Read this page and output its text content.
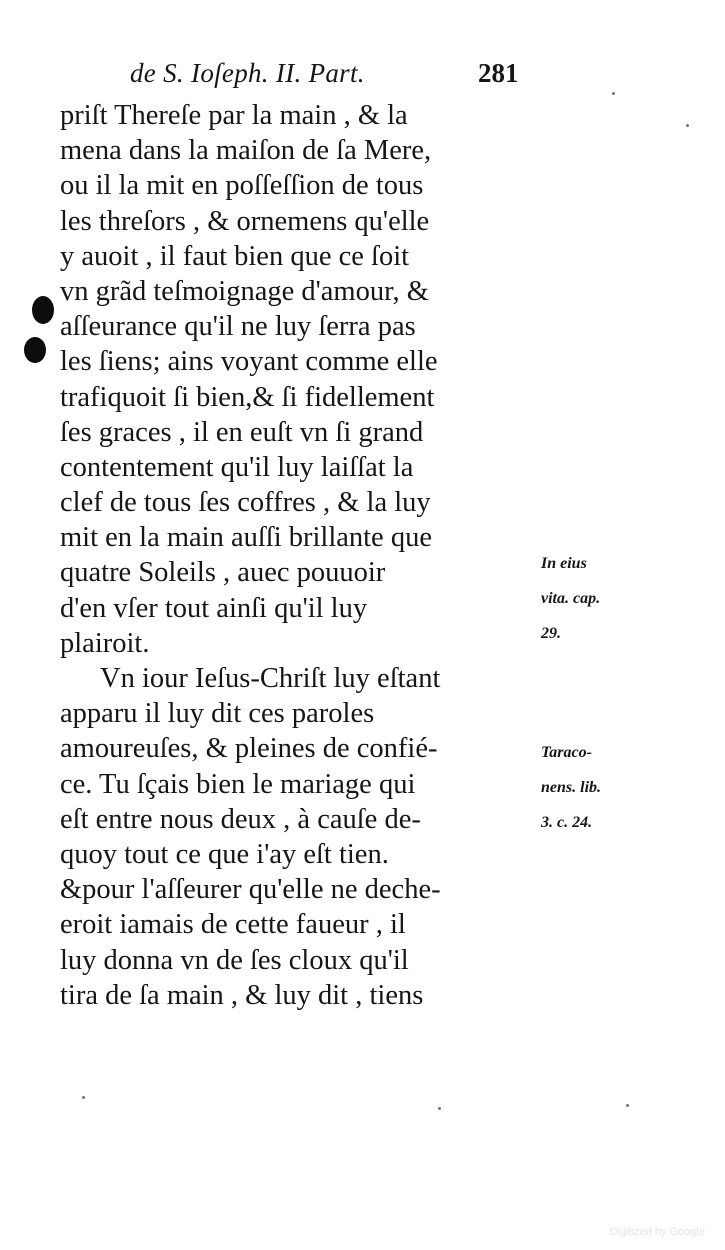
de S. Ioſeph. II. Part.	281
priſt Thereſe par la main , & la
mena dans la maiſon de ſa Mere,
ou il la mit en poſſeſſion de tous
les threſors , & ornemens qu'elle
y auoit , il faut bien que ce ſoit
vn grãd teſmoignage d'amour, &
aſſeurance qu'il ne luy ſerra pas
les ſiens; ains voyant comme elle
trafiquoit ſi bien,& ſi fidellement
ſes graces , il en euſt vn ſi grand
contentement qu'il luy laiſſat la
clef de tous ſes coffres , & la luy
mit en la main auſſi brillante que
quatre Soleils , auec pouuoir
d'en vſer tout ainſi qu'il luy
plairoit.
Vn iour Ieſus-Chriſt luy eſtant
apparu il luy dit ces paroles
amoureuſes, & pleines de confié-
ce. Tu ſçais bien le mariage qui
eſt entre nous deux , à cauſe de-
quoy tout ce que i'ay eſt tien.
&pour l'aſſeurer qu'elle ne deche-
eroit iamais de cette faueur , il
luy donna vn de ſes cloux qu'il
tira de ſa main , & luy dit , tiens
In eius
vita. cap.
29.
Taraco-
nens. lib.
3. c. 24.
Digitized by Google
